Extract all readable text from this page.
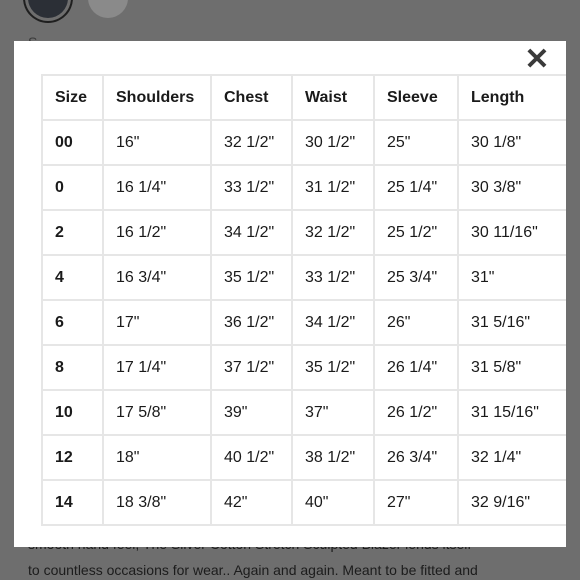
to countless occasions for wear.. Again and again. Meant to be fitted and
✕
Size	Shoulders	Chest	Waist	Sleeve	Length
00	16"	32 1/2"	30 1/2"	25"	30 1/8"
0	16 1/4"	33 1/2"	31 1/2"	25 1/4"	30 3/8"
2	16 1/2"	34 1/2"	32 1/2"	25 1/2"	30 11/16"
4	16 3/4"	35 1/2"	33 1/2"	25 3/4"	31"
6	17"	36 1/2"	34 1/2"	26"	31 5/16"
8	17 1/4"	37 1/2"	35 1/2"	26 1/4"	31 5/8"
10	17 5/8"	39"	37"	26 1/2"	31 15/16"
12	18"	40 1/2"	38 1/2"	26 3/4"	32 1/4"
14	18 3/8"	42"	40"	27"	32 9/16"
